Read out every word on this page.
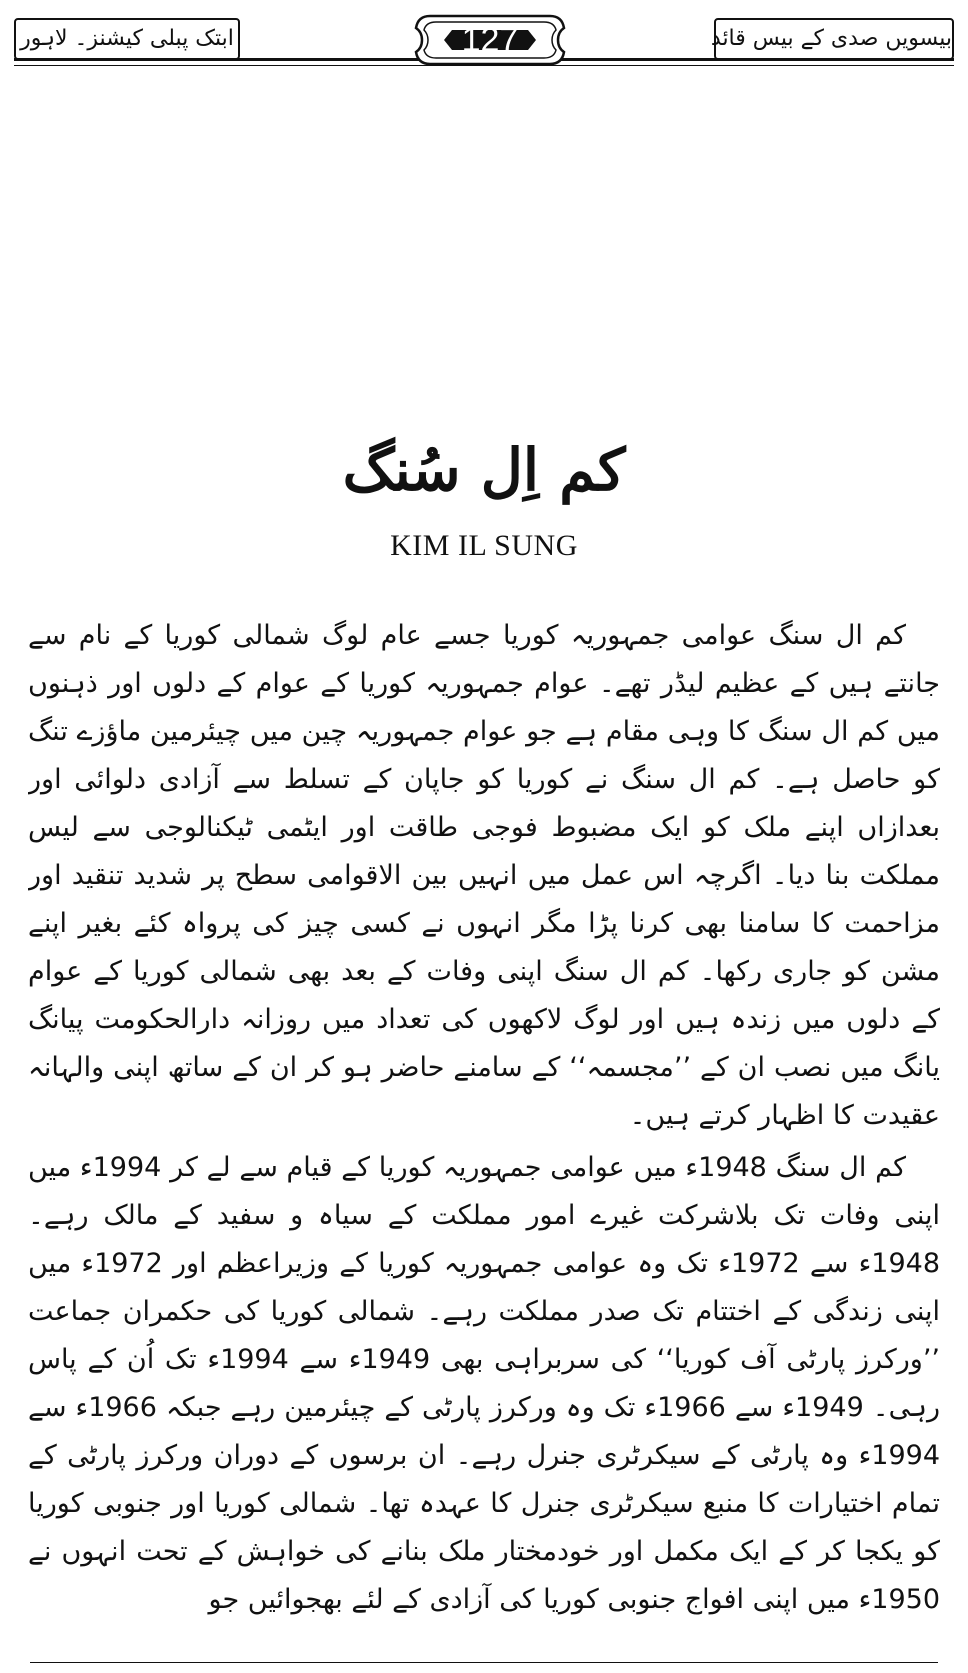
بیسویں صدی کے بیس قائد
ابتک پبلی کیشنز۔ لاہور	127
کم اِل سُنگ
KIM IL SUNG

کم ال سنگ عوامی جمہوریہ کوریا جسے عام لوگ شمالی کوریا کے نام سے جانتے ہیں کے عظیم لیڈر تھے۔ عوام جمہوریہ کوریا کے عوام کے دلوں اور ذہنوں میں کم ال سنگ کا وہی مقام ہے جو عوام جمہوریہ چین میں چیئرمین ماؤزے تنگ کو حاصل ہے۔ کم ال سنگ نے کوریا کو جاپان کے تسلط سے آزادی دلوائی اور بعدازاں اپنے ملک کو ایک مضبوط فوجی طاقت اور ایٹمی ٹیکنالوجی سے لیس مملکت بنا دیا۔ اگرچہ اس عمل میں انہیں بین الاقوامی سطح پر شدید تنقید اور مزاحمت کا سامنا بھی کرنا پڑا مگر انہوں نے کسی چیز کی پرواہ کئے بغیر اپنے مشن کو جاری رکھا۔ کم ال سنگ اپنی وفات کے بعد بھی شمالی کوریا کے عوام کے دلوں میں زندہ ہیں اور لوگ لاکھوں کی تعداد میں روزانہ دارالحکومت پیانگ یانگ میں نصب ان کے ’’مجسمہ‘‘ کے سامنے حاضر ہو کر ان کے ساتھ اپنی والہانہ عقیدت کا اظہار کرتے ہیں۔

کم ال سنگ 1948ء میں عوامی جمہوریہ کوریا کے قیام سے لے کر 1994ء میں اپنی وفات تک بلاشرکت غیرے امور مملکت کے سیاہ و سفید کے مالک رہے۔ 1948ء سے 1972ء تک وہ عوامی جمہوریہ کوریا کے وزیراعظم اور 1972ء میں اپنی زندگی کے اختتام تک صدر مملکت رہے۔ شمالی کوریا کی حکمران جماعت ’’ورکرز پارٹی آف کوریا‘‘ کی سربراہی بھی 1949ء سے 1994ء تک اُن کے پاس رہی۔ 1949ء سے 1966ء تک وہ ورکرز پارٹی کے چیئرمین رہے جبکہ 1966ء سے 1994ء وہ پارٹی کے سیکرٹری جنرل رہے۔ ان برسوں کے دوران ورکرز پارٹی کے تمام اختیارات کا منبع سیکرٹری جنرل کا عہدہ تھا۔ شمالی کوریا اور جنوبی کوریا کو یکجا کر کے ایک مکمل اور خودمختار ملک بنانے کی خواہش کے تحت انہوں نے 1950ء میں اپنی افواج جنوبی کوریا کی آزادی کے لئے بھجوائیں جو
